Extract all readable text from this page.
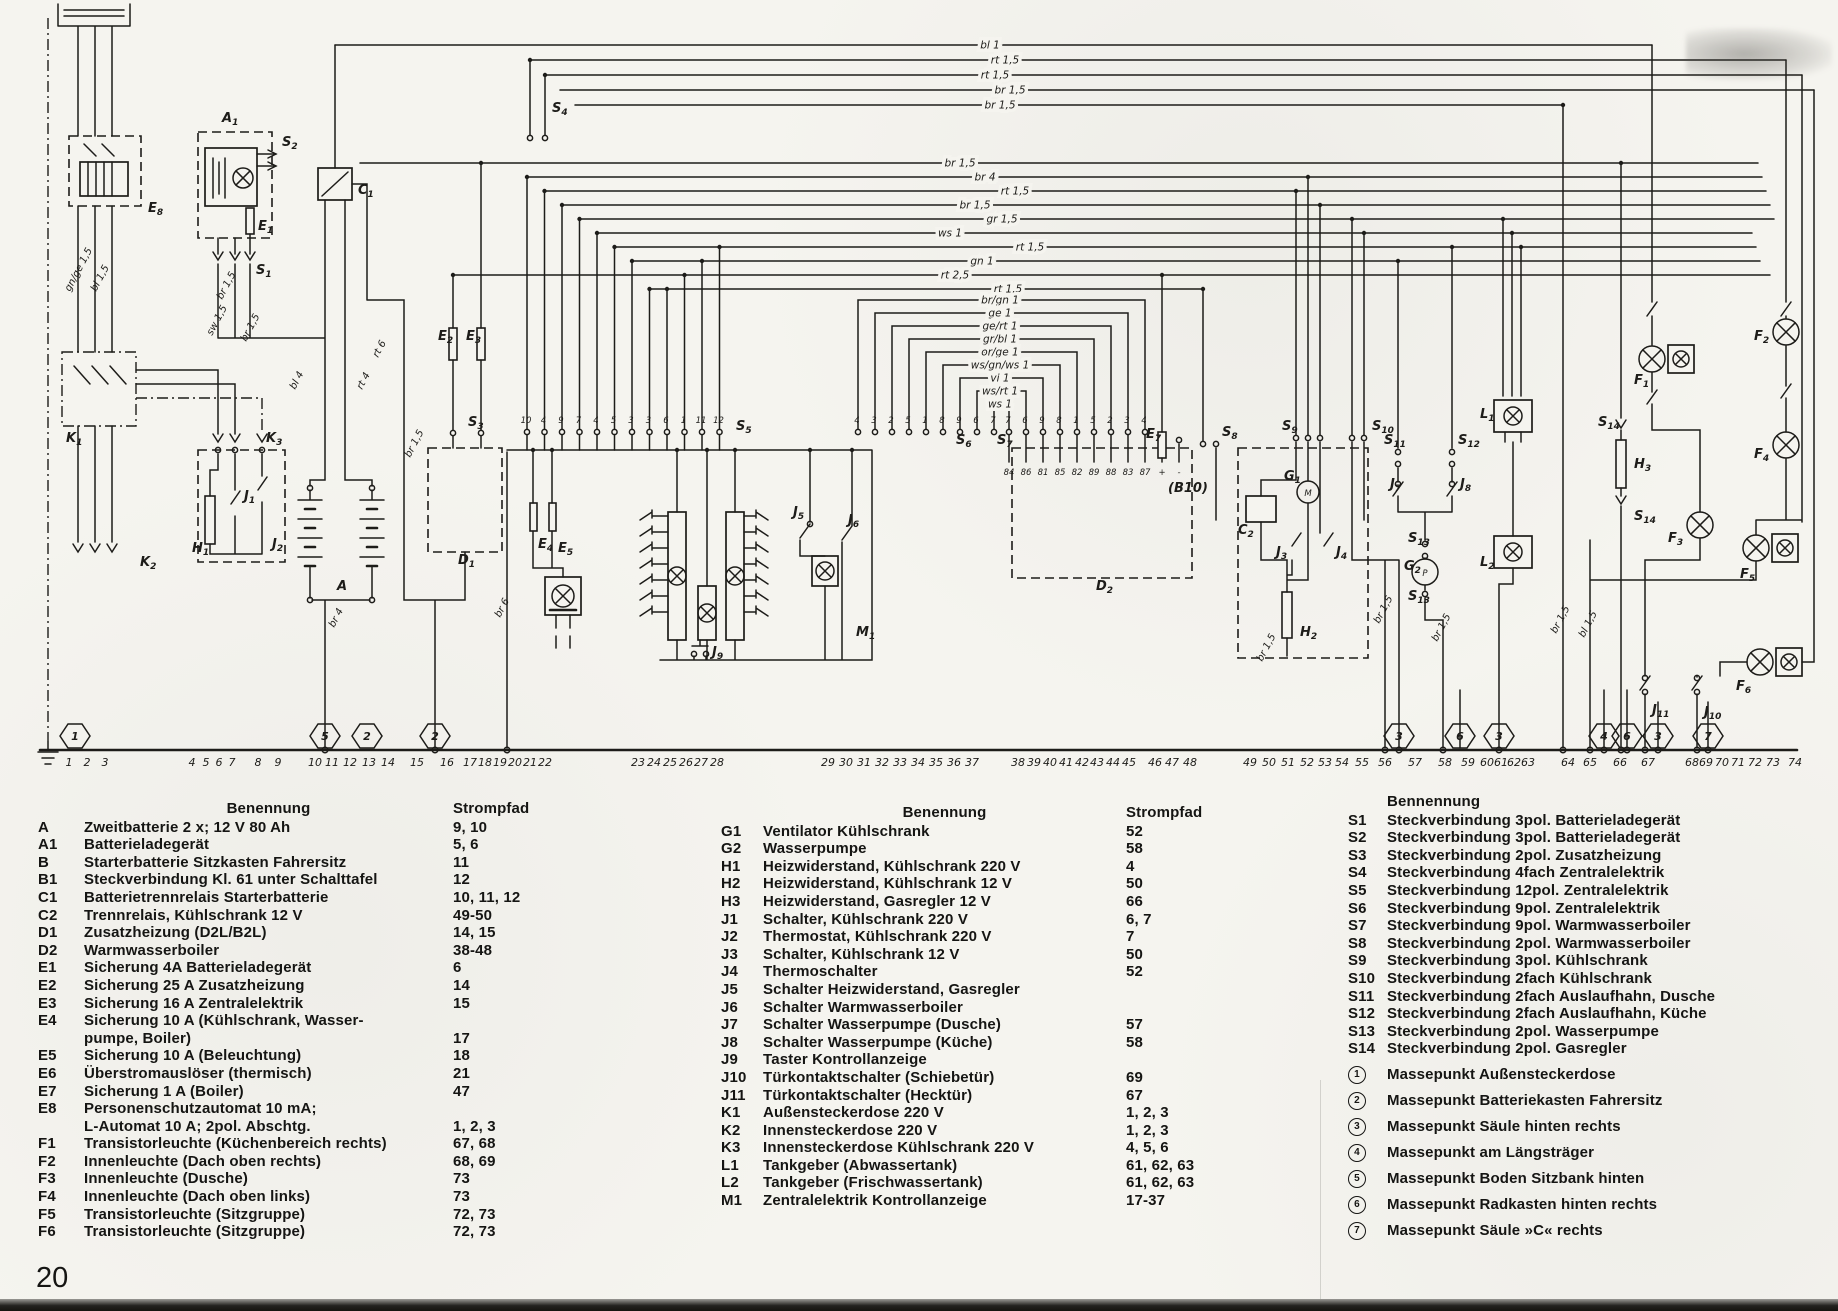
1 2 3	4 5 6 7 8 9 10 11 12 13 14 15 16 17 18 19 20 21 22	23 24 25 26 27 28	29 30 31 32 33 34 35 36 37	38 39 40 41 42 43 44 45 46 47 48	49 50 51 52 53 54 55 56 57 58 59 60 61 62 63 64 65 66 67	68 69 70 71 72 73 74
1	5	2	2	3	6	3	4 6 3	7
bl 1
rt 1,5
rt 1,5
br 1,5
br 1,5
br 1,5
br 4
rt 1,5
br 1,5
gr 1,5
ws 1
rt 1,5
gn 1
rt 2,5
rt 1,5
br/gn 1
ge 1
ge/rt 1
gr/bl 1
or/ge 1
ws/gn/ws 1
vi 1
ws/rt 1
ws 1
10 4 9 7 4 5 3 3 6 1 11 12	4 3 2 5 1 8 9 6 7 7 6 9 8 1 5 2 3 4
84 86 81 85 82 89 88 83 87 + -
M
P
$A_1$
$E_8$
$S_2$
$E_1$
$S_1$
$C_1$
$K_1$
$K_2$
$K_3$
$H_1$
$J_1$
$J_2$
A
$D_1$
$E_2$ $E_3$
$S_3$
$S_4$
$S_5$
$E_4$ $E_5$
$J_9$
$J_5$	$J_6$
$M_1$
$S_6$ $S_7$
$E_7$	$S_8$
$D_2$
(B10)
$S_9$	$S_{10}$
$C_2$
$G_1$
$J_3$	$J_4$
$H_2$
$S_{11}$	$S_{12}$
$J_7$	$J_8$
$S_{13}$
$G_2$
$S_{13}$
$L_1$
$L_2$
$S_{14}$
$H_3$
$S_{14}$
$F_1$
$F_2$
$F_3$
$F_4$
$F_5$
$F_6$
$J_{11}$	$J_{10}$
gn/ge 1,5
bl 1,5	br 1,5
sw 1,5 br 1,5
bl 4	rt 4
rt 6
br 4
br 1,5
br 6
br 1,5
br 1,5
br 1,5	br 1,5 bl 1,5
Benennung	Strompfad
A	Zweitbatterie 2 x; 12 V 80 Ah	9, 10
A1	Batterieladegerät	5, 6
B	Starterbatterie Sitzkasten Fahrersitz	11
B1	Steckverbindung Kl. 61 unter Schalttafel	12
C1	Batterietrennrelais Starterbatterie	10, 11, 12
C2	Trennrelais, Kühlschrank 12 V	49-50
D1	Zusatzheizung (D2L/B2L)	14, 15
D2	Warmwasserboiler	38-48
E1	Sicherung 4A Batterieladegerät	6
E2	Sicherung 25 A Zusatzheizung	14
E3	Sicherung 16 A Zentralelektrik	15
E4	Sicherung 10 A (Kühlschrank, Wasser-
pumpe, Boiler)	17
E5	Sicherung 10 A (Beleuchtung)	18
E6	Überstromauslöser (thermisch)	21
E7	Sicherung 1 A (Boiler)	47
E8	Personenschutzautomat 10 mA;
L-Automat 10 A; 2pol. Abschtg.	1, 2, 3
F1	Transistorleuchte (Küchenbereich rechts)	67, 68
F2	Innenleuchte (Dach oben rechts)	68, 69
F3	Innenleuchte (Dusche)	73
F4	Innenleuchte (Dach oben links)	73
F5	Transistorleuchte (Sitzgruppe)	72, 73
F6	Transistorleuchte (Sitzgruppe)	72, 73
Benennung	Strompfad
G1	Ventilator Kühlschrank	52
G2	Wasserpumpe	58
H1	Heizwiderstand, Kühlschrank 220 V	4
H2	Heizwiderstand, Kühlschrank 12 V	50
H3	Heizwiderstand, Gasregler 12 V	66
J1	Schalter, Kühlschrank 220 V	6, 7
J2	Thermostat, Kühlschrank 220 V	7
J3	Schalter, Kühlschrank 12 V	50
J4	Thermoschalter	52
J5	Schalter Heizwiderstand, Gasregler
J6	Schalter Warmwasserboiler
J7	Schalter Wasserpumpe (Dusche)	57
J8	Schalter Wasserpumpe (Küche)	58
J9	Taster Kontrollanzeige
J10	Türkontaktschalter (Schiebetür)	69
J11	Türkontaktschalter (Hecktür)	67
K1	Außensteckerdose 220 V	1, 2, 3
K2	Innensteckerdose 220 V	1, 2, 3
K3	Innensteckerdose Kühlschrank 220 V	4, 5, 6
L1	Tankgeber (Abwassertank)	61, 62, 63
L2	Tankgeber (Frischwassertank)	61, 62, 63
M1	Zentralelektrik Kontrollanzeige	17-37
Bennennung
S1	Steckverbindung 3pol. Batterieladegerät
S2	Steckverbindung 3pol. Batterieladegerät
S3	Steckverbindung 2pol. Zusatzheizung
S4	Steckverbindung 4fach Zentralelektrik
S5	Steckverbindung 12pol. Zentralelektrik
S6	Steckverbindung 9pol. Zentralelektrik
S7	Steckverbindung 9pol. Warmwasserboiler
S8	Steckverbindung 2pol. Warmwasserboiler
S9	Steckverbindung 3pol. Kühlschrank
S10 Steckverbindung 2fach Kühlschrank
S11 Steckverbindung 2fach Auslaufhahn, Dusche
S12 Steckverbindung 2fach Auslaufhahn, Küche
S13 Steckverbindung 2pol. Wasserpumpe
S14 Steckverbindung 2pol. Gasregler
1	Massepunkt Außensteckerdose
2	Massepunkt Batteriekasten Fahrersitz
3	Massepunkt Säule hinten rechts
4	Massepunkt am Längsträger
5	Massepunkt Boden Sitzbank hinten
6	Massepunkt Radkasten hinten rechts
7	Massepunkt Säule »C« rechts
20
